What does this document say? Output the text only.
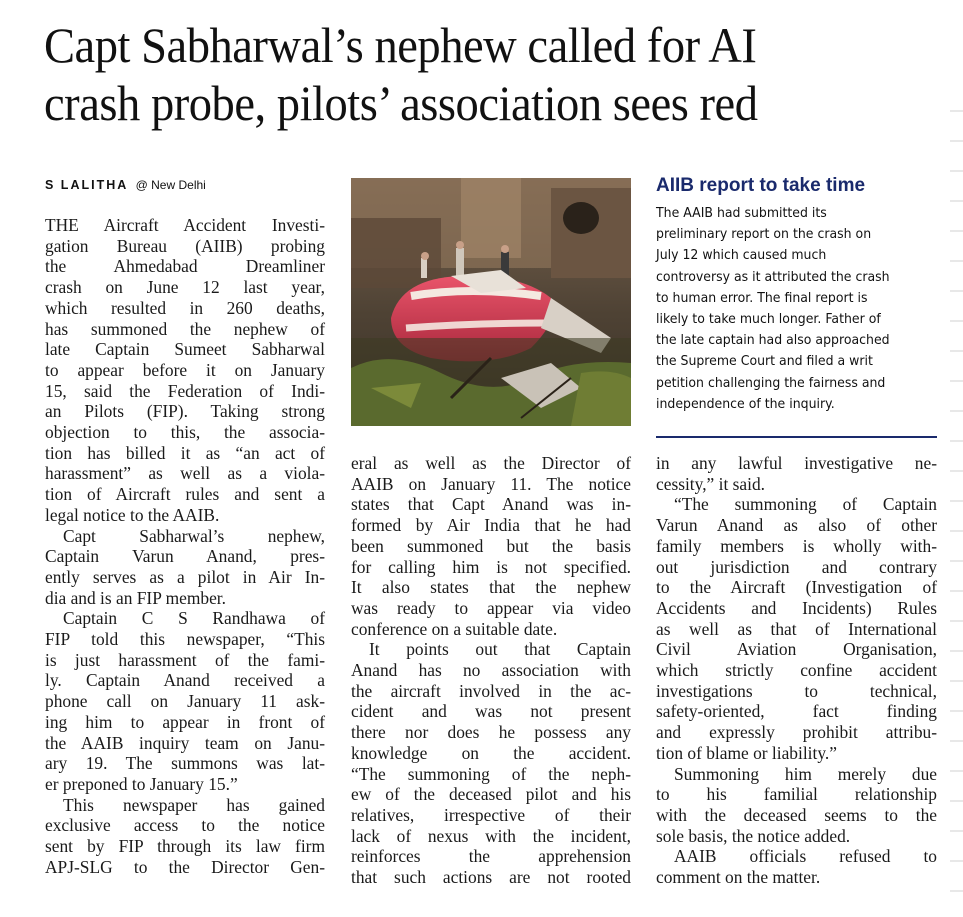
Capt Sabharwal’s nephew called for AI
crash probe, pilots’ association sees red
S LALITHA @ New Delhi

THE Aircraft Accident Investi-

gation Bureau (AIIB) probing

the Ahmedabad Dreamliner

crash on June 12 last year,

which resulted in 260 deaths,

has summoned the nephew of

late Captain Sumeet Sabharwal

to appear before it on January

15, said the Federation of Indi-

an Pilots (FIP). Taking strong

objection to this, the associa-

tion has billed it as “an act of

harassment” as well as a viola-

tion of Aircraft rules and sent a

legal notice to the AAIB.

Capt Sabharwal’s nephew,

Captain Varun Anand, pres-

ently serves as a pilot in Air In-

dia and is an FIP member.

Captain C S Randhawa of

FIP told this newspaper, “This

is just harassment of the fami-

ly. Captain Anand received a

phone call on January 11 ask-

ing him to appear in front of

the AAIB inquiry team on Janu-

ary 19. The summons was lat-

er preponed to January 15.”

This newspaper has gained

exclusive access to the notice

sent by FIP through its law firm

APJ-SLG to the Director Gen-

AIIB report to take time

The AAIB had submitted its

preliminary report on the crash on

July 12 which caused much

controversy as it attributed the crash

to human error. The final report is

likely to take much longer. Father of

the late captain had also approached

the Supreme Court and filed a writ

petition challenging the fairness and

independence of the inquiry.

eral as well as the Director of

AAIB on January 11. The notice

states that Capt Anand was in-

formed by Air India that he had

been summoned but the basis

for calling him is not specified.

It also states that the nephew

was ready to appear via video

conference on a suitable date.

It points out that Captain

Anand has no association with

the aircraft involved in the ac-

cident and was not present

there nor does he possess any

knowledge on the accident.

“The summoning of the neph-

ew of the deceased pilot and his

relatives, irrespective of their

lack of nexus with the incident,

reinforces the apprehension

that such actions are not rooted

in any lawful investigative ne-

cessity,” it said.

“The summoning of Captain

Varun Anand as also of other

family members is wholly with-

out jurisdiction and contrary

to the Aircraft (Investigation of

Accidents and Incidents) Rules

as well as that of International

Civil Aviation Organisation,

which strictly confine accident

investigations to technical,

safety-oriented, fact finding

and expressly prohibit attribu-

tion of blame or liability.”

Summoning him merely due

to his familial relationship

with the deceased seems to the

sole basis, the notice added.

AAIB officials refused to

comment on the matter.
